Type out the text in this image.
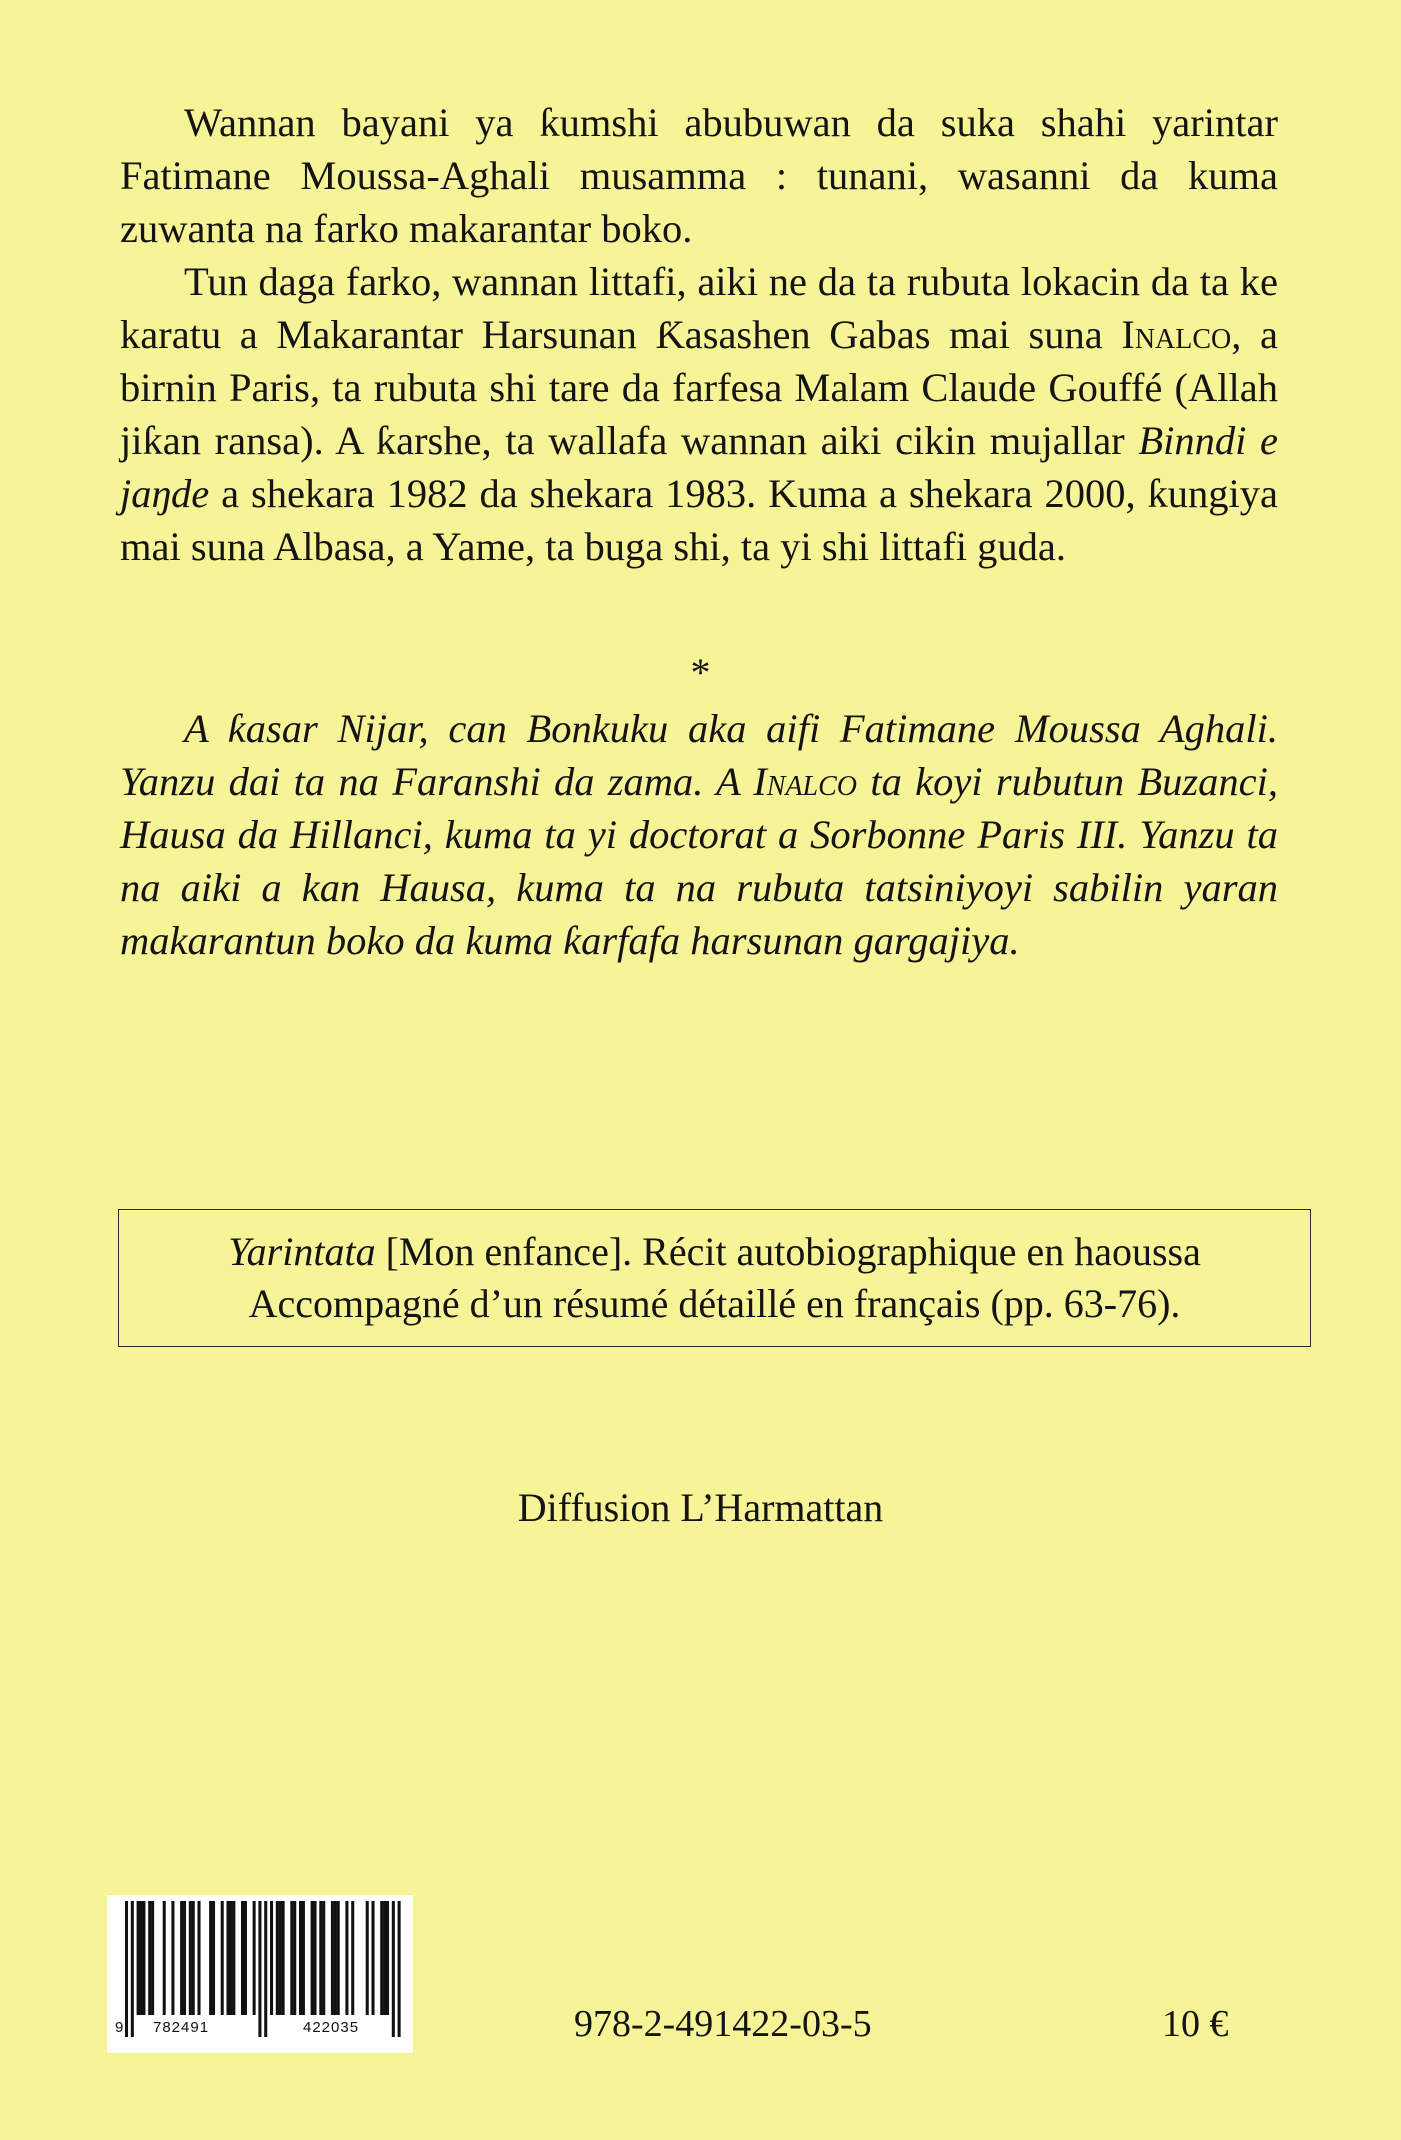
Wannan bayani ya ƙumshi abubuwan da suka shahi yarintar Fatimane Moussa-Aghali musamma : tunani, wasanni da kuma zuwanta na farko makarantar boko.

Tun daga farko, wannan littafi, aiki ne da ta rubuta lokacin da ta ke karatu a Makarantar Harsunan Ƙasashen Gabas mai suna Inalco, a birnin Paris, ta rubuta shi tare da farfesa Malam Claude Gouffé (Allah jiƙan ransa). A ƙarshe, ta wallafa wannan aiki cikin mujallar Binndi e jaŋde a shekara 1982 da shekara 1983. Kuma a shekara 2000, ƙungiya mai suna Albasa, a Yame, ta buga shi, ta yi shi littafi guda.

*
A ƙasar Nijar, can Bonkuku aka aifi Fatimane Moussa Aghali. Yanzu dai ta na Faranshi da zama. A Inalco ta koyi rubutun Buzanci, Hausa da Hillanci, kuma ta yi doctorat a Sorbonne Paris III. Yanzu ta na aiki a kan Hausa, kuma ta na rubuta tatsiniyoyi sabilin yaran makarantun boko da kuma ƙarfafa harsunan gargajiya.
Yarintata [Mon enfance]. Récit autobiographique en haoussa
Accompagné d’un résumé détaillé en français (pp. 63-76).
Diffusion L’Harmattan
9 782491	422035	978-2-491422-03-5	10 €
